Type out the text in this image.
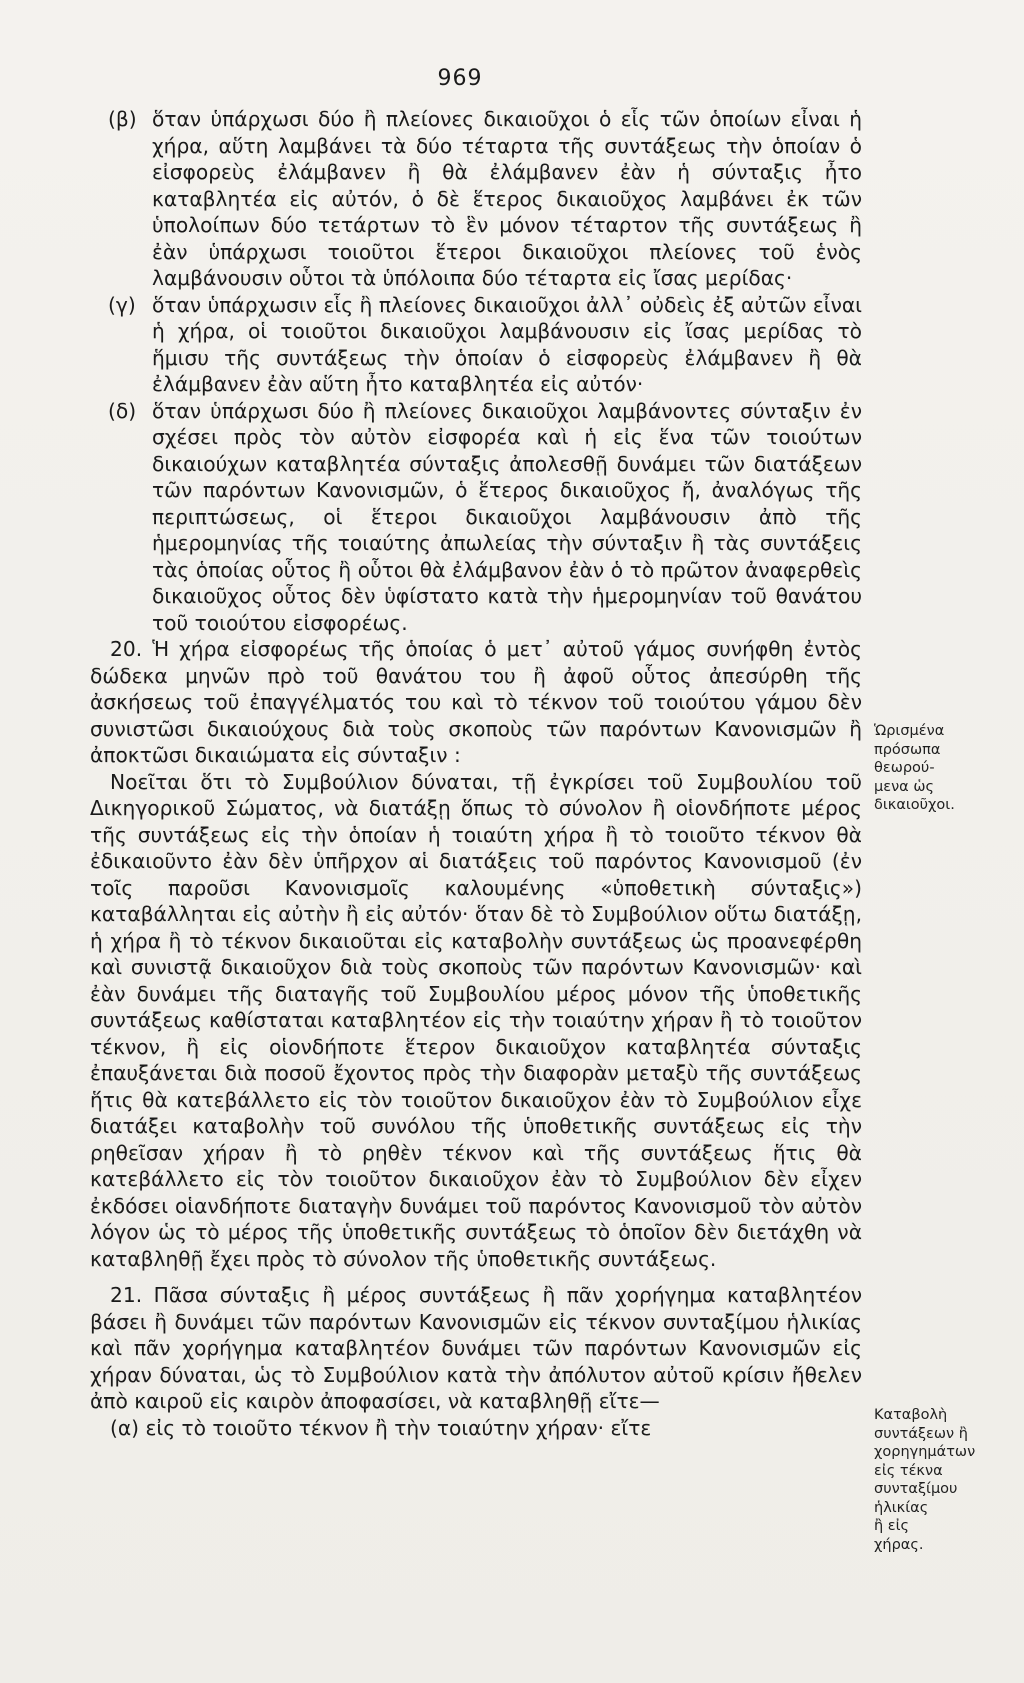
969

(β) ὅταν ὑπάρχωσι δύο ἢ πλείονες δικαιοῦχοι ὁ εἷς τῶν ὁποίων εἶναι ἡ χήρα, αὕτη λαμβάνει τὰ δύο τέταρτα τῆς συντάξεως τὴν ὁποίαν ὁ εἰσφορεὺς ἐλάμβανεν ἢ θὰ ἐλάμβανεν ἐὰν ἡ σύνταξις ἦτο καταβλητέα εἰς αὐτόν, ὁ δὲ ἕτερος δικαιοῦχος λαμβάνει ἐκ τῶν ὑπολοίπων δύο τετάρτων τὸ ἓν μόνον τέταρτον τῆς συντάξεως ἢ ἐὰν ὑπάρχωσι τοιοῦτοι ἕτεροι δικαιοῦχοι πλείονες τοῦ ἑνὸς λαμβάνουσιν οὗτοι τὰ ὑπόλοιπα δύο τέταρτα εἰς ἴσας μερίδας·

(γ) ὅταν ὑπάρχωσιν εἷς ἢ πλείονες δικαιοῦχοι ἀλλ᾽ οὐδεὶς ἐξ αὐτῶν εἶναι ἡ χήρα, οἱ τοιοῦτοι δικαιοῦχοι λαμβάνουσιν εἰς ἴσας μερίδας τὸ ἥμισυ τῆς συντάξεως τὴν ὁποίαν ὁ εἰσφορεὺς ἐλάμβανεν ἢ θὰ ἐλάμβανεν ἐὰν αὕτη ἦτο καταβλητέα εἰς αὐτόν·

(δ) ὅταν ὑπάρχωσι δύο ἢ πλείονες δικαιοῦχοι λαμβάνοντες σύνταξιν ἐν σχέσει πρὸς τὸν αὐτὸν εἰσφορέα καὶ ἡ εἰς ἕνα τῶν τοιούτων δικαιούχων καταβλητέα σύνταξις ἀπολεσθῇ δυνάμει τῶν διατάξεων τῶν παρόντων Κανονισμῶν, ὁ ἕτερος δικαιοῦχος ἤ, ἀναλόγως τῆς περιπτώσεως, οἱ ἕτεροι δικαιοῦχοι λαμβάνουσιν ἀπὸ τῆς ἡμερομηνίας τῆς τοιαύτης ἀπωλείας τὴν σύνταξιν ἢ τὰς συντάξεις τὰς ὁποίας οὗτος ἢ οὗτοι θὰ ἐλάμβανον ἐὰν ὁ τὸ πρῶτον ἀναφερθεὶς δικαιοῦχος οὗτος δὲν ὑφίστατο κατὰ τὴν ἡμερομηνίαν τοῦ θανάτου τοῦ τοιούτου εἰσφορέως.

20. Ἡ χήρα εἰσφορέως τῆς ὁποίας ὁ μετ᾽ αὐτοῦ γάμος συνήφθη ἐντὸς δώδεκα μηνῶν πρὸ τοῦ θανάτου του ἢ ἀφοῦ οὗτος ἀπεσύρθη τῆς ἀσκήσεως τοῦ ἐπαγγέλματός του καὶ τὸ τέκνον τοῦ τοιούτου γάμου δὲν συνιστῶσι δικαιούχους διὰ τοὺς σκοποὺς τῶν παρόντων Κανονισμῶν ἢ ἀποκτῶσι δικαιώματα εἰς σύνταξιν :

Νοεῖται ὅτι τὸ Συμβούλιον δύναται, τῇ ἐγκρίσει τοῦ Συμβουλίου τοῦ Δικηγορικοῦ Σώματος, νὰ διατάξῃ ὅπως τὸ σύνολον ἢ οἱονδήποτε μέρος τῆς συντάξεως εἰς τὴν ὁποίαν ἡ τοιαύτη χήρα ἢ τὸ τοιοῦτο τέκνον θὰ ἐδικαιοῦντο ἐὰν δὲν ὑπῆρχον αἱ διατάξεις τοῦ παρόντος Κανονισμοῦ (ἐν τοῖς παροῦσι Κανονισμοῖς καλουμένης «ὑποθετικὴ σύνταξις») καταβάλληται εἰς αὐτὴν ἢ εἰς αὐτόν· ὅταν δὲ τὸ Συμβούλιον οὕτω διατάξῃ, ἡ χήρα ἢ τὸ τέκνον δικαιοῦται εἰς καταβολὴν συντάξεως ὡς προανεφέρθη καὶ συνιστᾷ δικαιοῦχον διὰ τοὺς σκοποὺς τῶν παρόντων Κανονισμῶν· καὶ ἐὰν δυνάμει τῆς διαταγῆς τοῦ Συμβουλίου μέρος μόνον τῆς ὑποθετικῆς συντάξεως καθίσταται καταβλητέον εἰς τὴν τοιαύτην χήραν ἢ τὸ τοιοῦτον τέκνον, ἢ εἰς οἱονδήποτε ἕτερον δικαιοῦχον καταβλητέα σύνταξις ἐπαυξάνεται διὰ ποσοῦ ἔχοντος πρὸς τὴν διαφορὰν μεταξὺ τῆς συντάξεως ἥτις θὰ κατεβάλλετο εἰς τὸν τοιοῦτον δικαιοῦχον ἐὰν τὸ Συμβούλιον εἶχε διατάξει καταβολὴν τοῦ συνόλου τῆς ὑποθετικῆς συντάξεως εἰς τὴν ρηθεῖσαν χήραν ἢ τὸ ρηθὲν τέκνον καὶ τῆς συντάξεως ἥτις θὰ κατεβάλλετο εἰς τὸν τοιοῦτον δικαιοῦχον ἐὰν τὸ Συμβούλιον δὲν εἶχεν ἐκδόσει οἱανδήποτε διαταγὴν δυνάμει τοῦ παρόντος Κανονισμοῦ τὸν αὐτὸν λόγον ὡς τὸ μέρος τῆς ὑποθετικῆς συντάξεως τὸ ὁποῖον δὲν διετάχθη νὰ καταβληθῇ ἔχει πρὸς τὸ σύνολον τῆς ὑποθετικῆς συντάξεως.

21. Πᾶσα σύνταξις ἢ μέρος συντάξεως ἢ πᾶν χορήγημα καταβλητέον βάσει ἢ δυνάμει τῶν παρόντων Κανονισμῶν εἰς τέκνον συνταξίμου ἡλικίας καὶ πᾶν χορήγημα καταβλητέον δυνάμει τῶν παρόντων Κανονισμῶν εἰς χήραν δύναται, ὡς τὸ Συμβούλιον κατὰ τὴν ἀπόλυτον αὐτοῦ κρίσιν ἤθελεν ἀπὸ καιροῦ εἰς καιρὸν ἀποφασίσει, νὰ καταβληθῇ εἴτε—

(α) εἰς τὸ τοιοῦτο τέκνον ἢ τὴν τοιαύτην χήραν· εἴτε

Ὡρισμένα
πρόσωπα
θεωρού-
μενα ὡς
δικαιοῦχοι.
Καταβολὴ
συντάξεων ἢ
χορηγημάτων
εἰς τέκνα
συνταξίμου
ἡλικίας
ἢ εἰς
χήρας.
